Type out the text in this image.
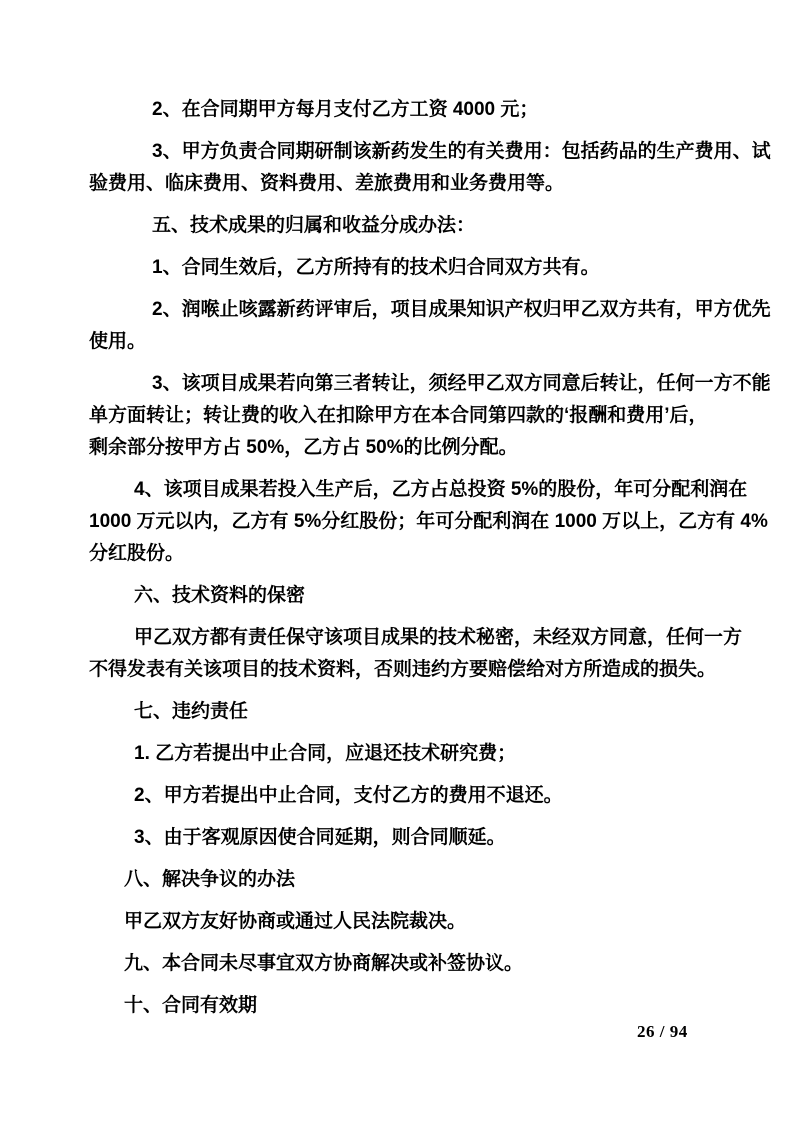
2、在合同期甲方每月支付乙方工资 4000 元；
3、甲方负责合同期研制该新药发生的有关费用：包括药品的生产费用、试
验费用、临床费用、资料费用、差旅费用和业务费用等。
五、技术成果的归属和收益分成办法：
1、合同生效后，乙方所持有的技术归合同双方共有。
2、润喉止咳露新药评审后，项目成果知识产权归甲乙双方共有，甲方优先
使用。
3、该项目成果若向第三者转让，须经甲乙双方同意后转让，任何一方不能
单方面转让；转让费的收入在扣除甲方在本合同第四款的‘报酬和费用’后，
剩余部分按甲方占 50%，乙方占 50%的比例分配。
4、该项目成果若投入生产后，乙方占总投资 5%的股份，年可分配利润在
1000 万元以内，乙方有 5%分红股份；年可分配利润在 1000 万以上，乙方有 4%
分红股份。
六、技术资料的保密
甲乙双方都有责任保守该项目成果的技术秘密，未经双方同意，任何一方
不得发表有关该项目的技术资料，否则违约方要赔偿给对方所造成的损失。
七、违约责任
1. 乙方若提出中止合同，应退还技术研究费；
2、甲方若提出中止合同，支付乙方的费用不退还。
3、由于客观原因使合同延期，则合同顺延。
八、解决争议的办法
甲乙双方友好协商或通过人民法院裁决。
九、本合同未尽事宜双方协商解决或补签协议。
十、合同有效期
26 / 94
